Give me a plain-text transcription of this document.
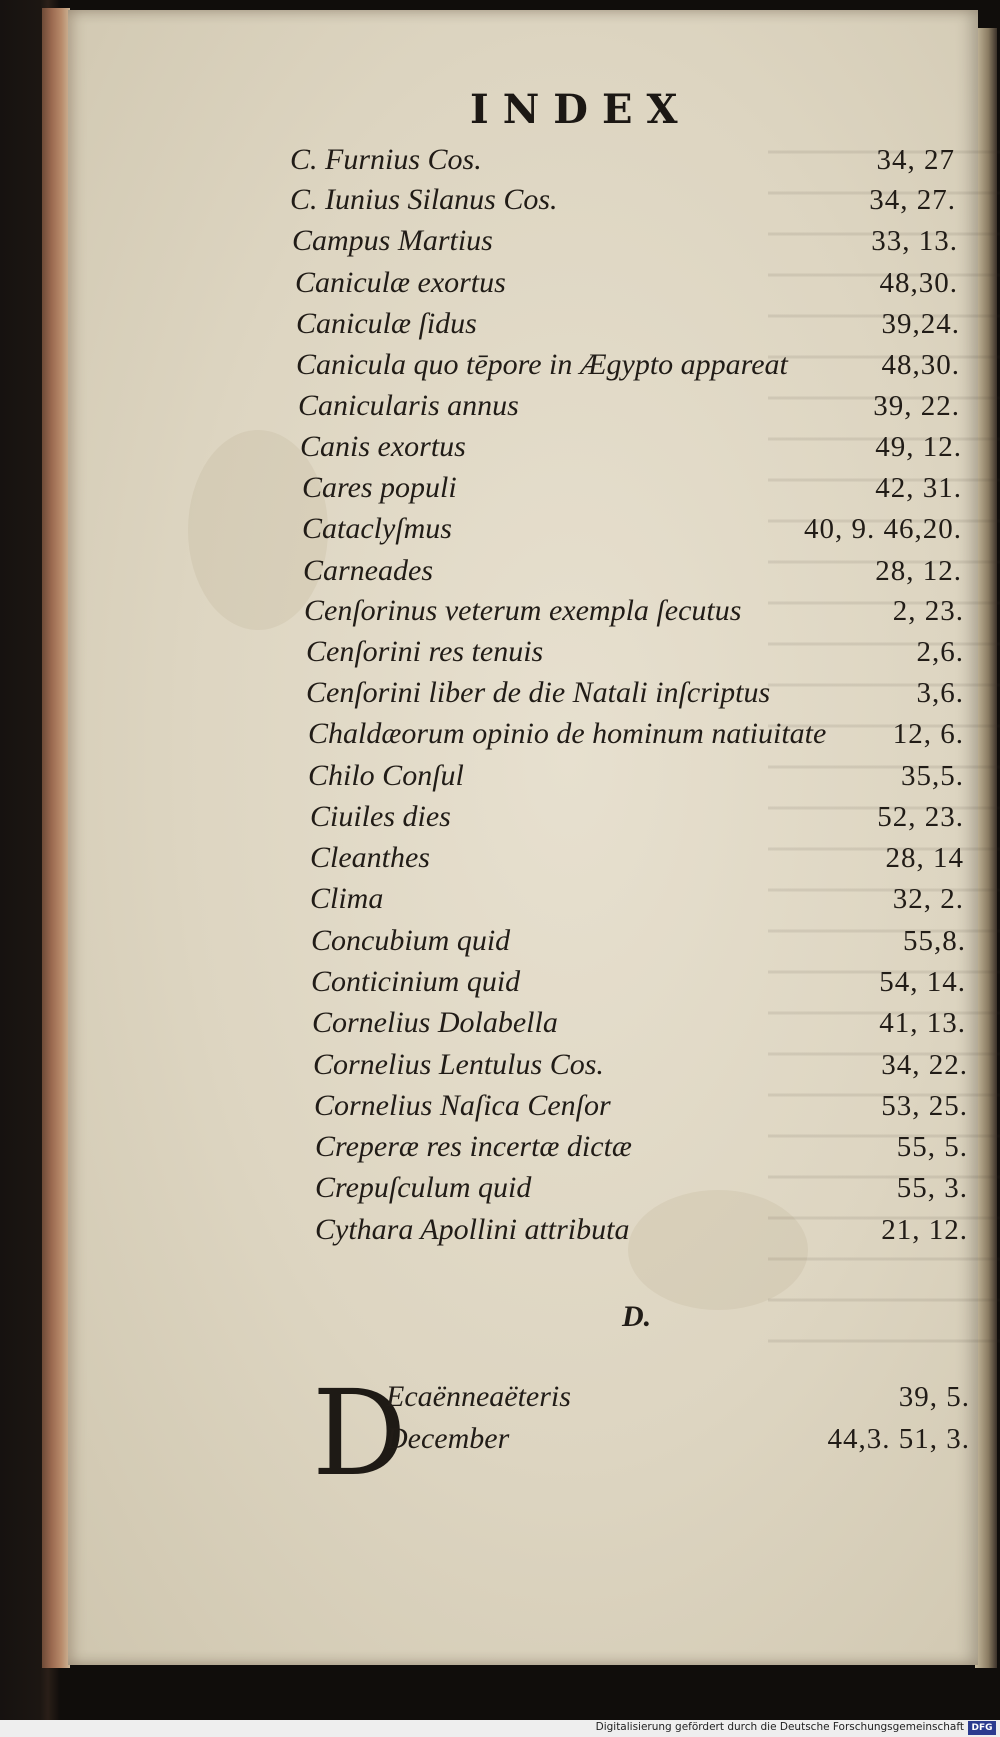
INDEX
C. Furnius Cos.	34, 27
C. Iunius Silanus Cos.	34, 27.
Campus Martius	33, 13.
Caniculæ exortus	48,30.
Caniculæ ſidus	39,24.
Canicula quo tēpore in Ægypto appareat	48,30.
Canicularis annus	39, 22.
Canis exortus	49, 12.
Cares populi	42, 31.
Cataclyſmus	40, 9. 46,20.
Carneades	28, 12.
Cenſorinus veterum exempla ſecutus	2, 23.
Cenſorini res tenuis	2,6.
Cenſorini liber de die Natali inſcriptus	3,6.
Chaldæorum opinio de hominum natiuitate 12, 6.
Chilo Conſul	35,5.
Ciuiles dies	52, 23.
Cleanthes	28, 14
Clima	32, 2.
Concubium quid	55,8.
Conticinium quid	54, 14.
Cornelius Dolabella	41, 13.
Cornelius Lentulus Cos.	34, 22.
Cornelius Naſica Cenſor	53, 25.
Creperæ res incertæ dictæ	55, 5.
Crepuſculum quid	55, 3.
Cythara Apollini attributa	21, 12.
D.
D
Ecaënneaëteris	39, 5.
December	44,3. 51, 3.
Digitalisierung gefördert durch die Deutsche Forschungsgemeinschaft DFG
